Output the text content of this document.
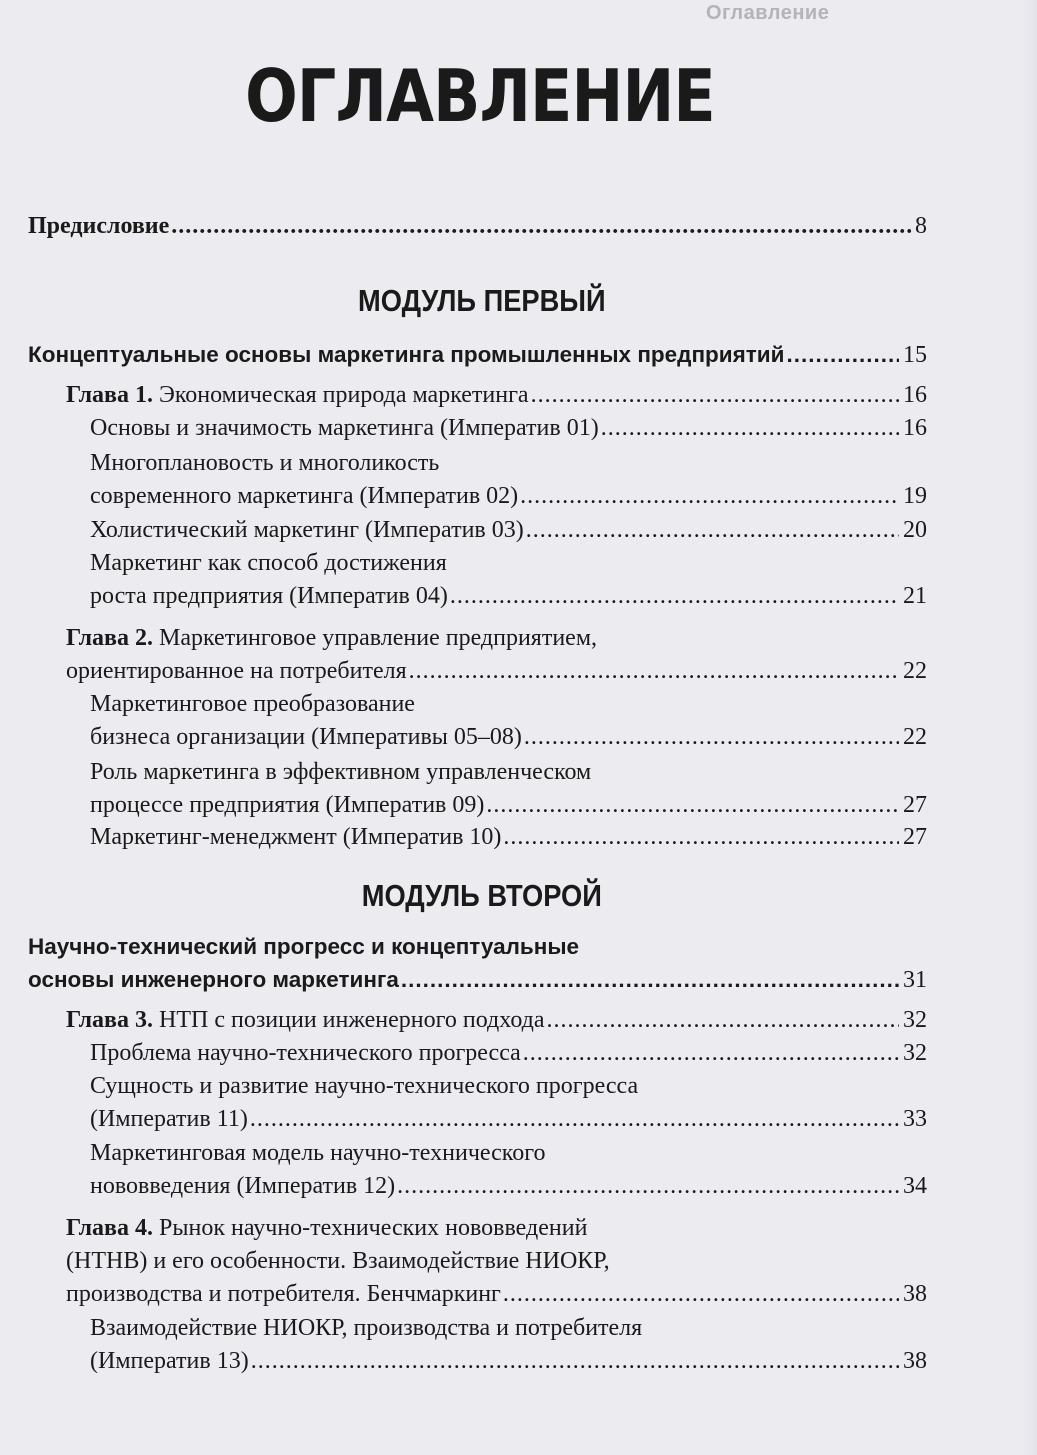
Оглавление
ОГЛАВЛЕНИЕ
Предисловие .....	8
МОДУЛЬ ПЕРВЫЙ
Концептуальные основы маркетинга промышленных предприятий .....	15
Глава 1. Экономическая природа маркетинга .....	16
Основы и значимость маркетинга (Императив 01) .....	16
Многоплановость и многоликость
современного маркетинга (Императив 02) .....	19
Холистический маркетинг (Императив 03) .....	20
Маркетинг как способ достижения
роста предприятия (Императив 04) .....	21
Глава 2. Маркетинговое управление предприятием,
ориентированное на потребителя .....	22
Маркетинговое преобразование
бизнеса организации (Императивы 05–08) .....	22
Роль маркетинга в эффективном управленческом
процессе предприятия (Императив 09) .....	27
Маркетинг-менеджмент (Императив 10) .....	27
МОДУЛЬ ВТОРОЙ
Научно-технический прогресс и концептуальные
основы инженерного маркетинга .....	31
Глава 3. НТП с позиции инженерного подхода .....	32
Проблема научно-технического прогресса .....	32
Сущность и развитие научно-технического прогресса
(Императив 11) .....	33
Маркетинговая модель научно-технического
нововведения (Императив 12) .....	34
Глава 4. Рынок научно-технических нововведений
(НТНВ) и его особенности. Взаимодействие НИОКР,
производства и потребителя. Бенчмаркинг .....	38
Взаимодействие НИОКР, производства и потребителя
(Императив 13) .....	38
